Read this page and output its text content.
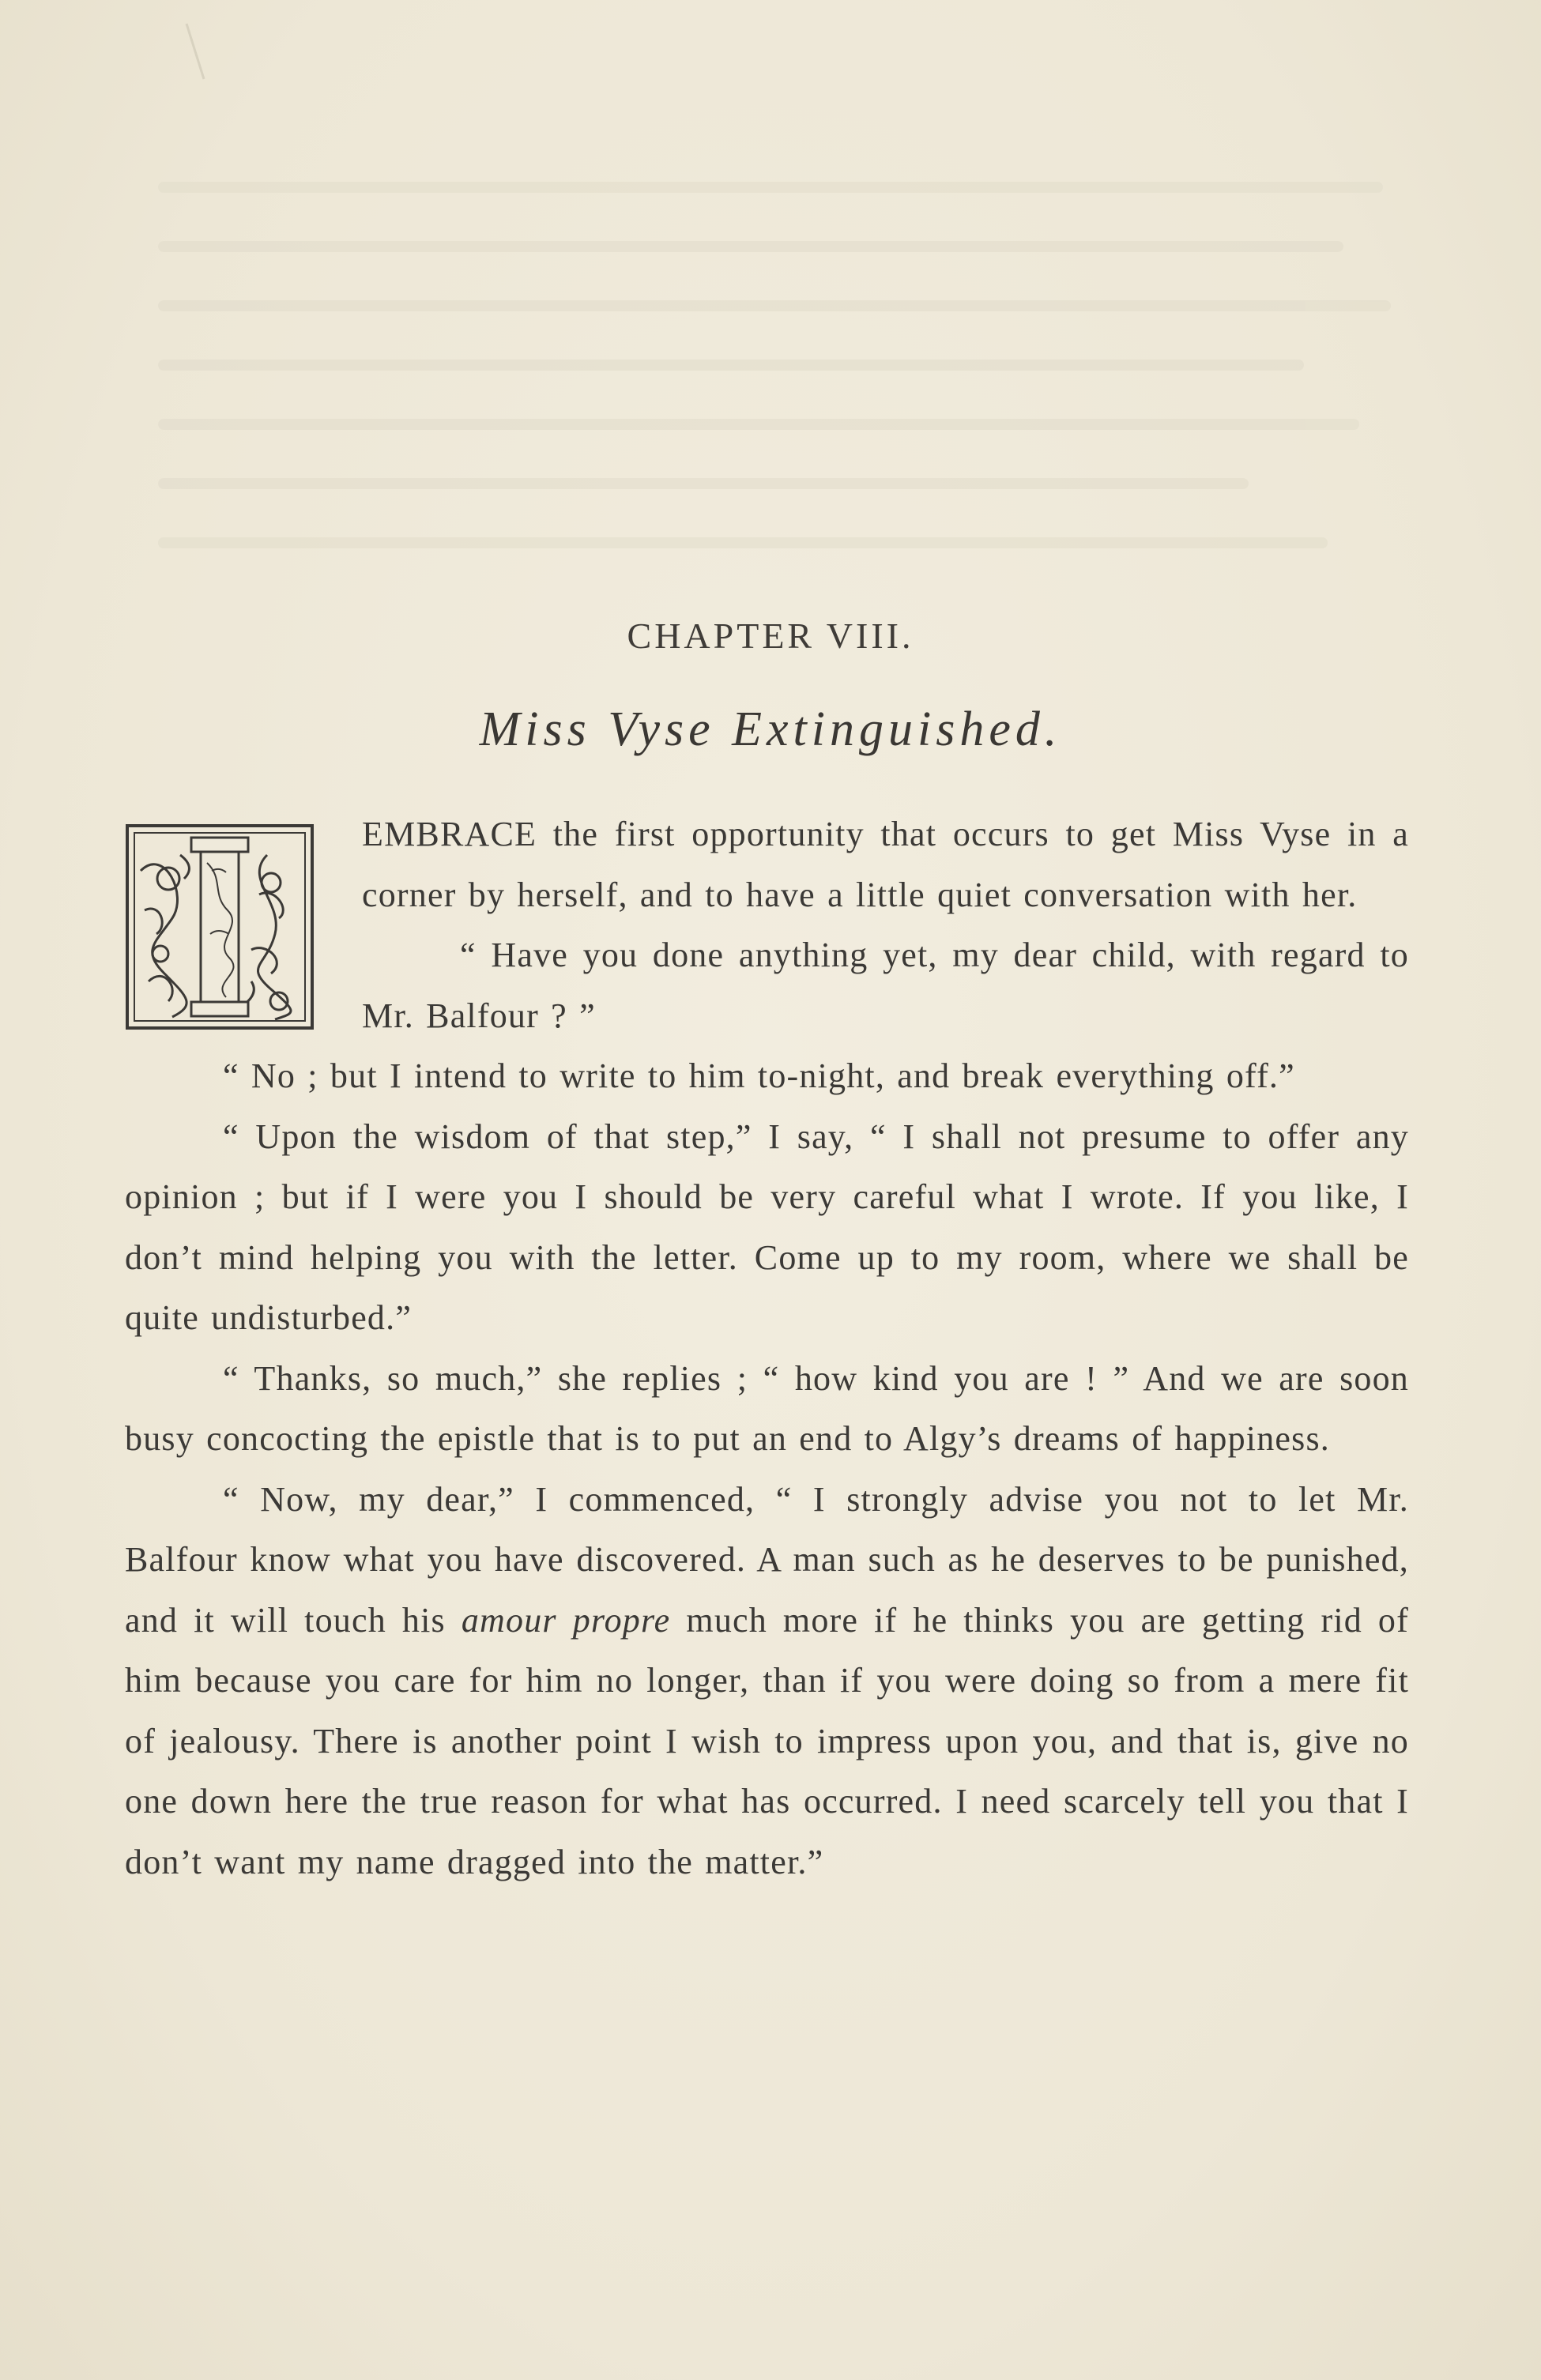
CHAPTER VIII.
Miss Vyse Extinguished.

EMBRACE the first opportunity that occurs to get Miss Vyse in a corner by herself, and to have a little quiet conversation with her.

“ Have you done anything yet, my dear child, with regard to Mr. Balfour ? ”

“ No ; but I intend to write to him to-night, and break everything off.”

“ Upon the wisdom of that step,” I say, “ I shall not presume to offer any opinion ; but if I were you I should be very careful what I wrote. If you like, I don’t mind helping you with the letter. Come up to my room, where we shall be quite undisturbed.”

“ Thanks, so much,” she replies ; “ how kind you are ! ” And we are soon busy concocting the epistle that is to put an end to Algy’s dreams of happiness.

“ Now, my dear,” I commenced, “ I strongly advise you not to let Mr. Balfour know what you have discovered. A man such as he deserves to be punished, and it will touch his amour propre much more if he thinks you are getting rid of him because you care for him no longer, than if you were doing so from a mere fit of jealousy. There is another point I wish to impress upon you, and that is, give no one down here the true reason for what has occurred. I need scarcely tell you that I don’t want my name dragged into the matter.”
